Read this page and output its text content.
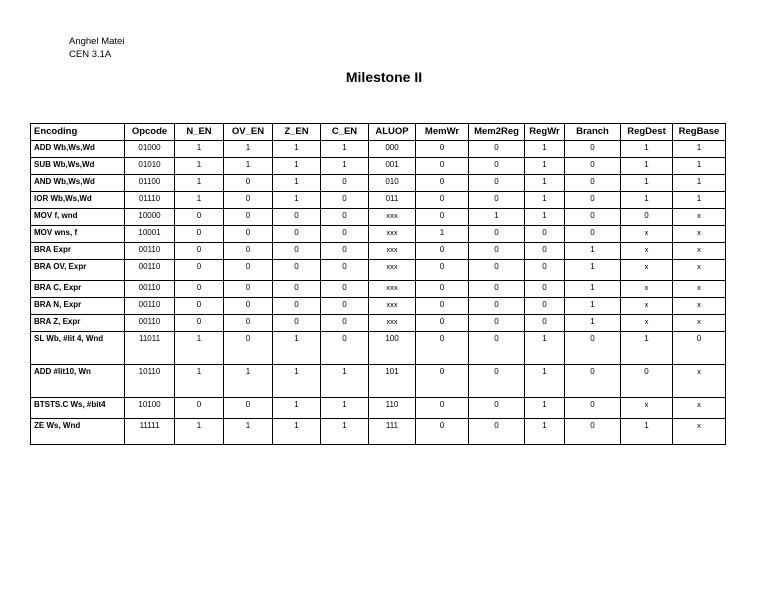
Anghel Matei
CEN 3.1A
Milestone II
Encoding	Opcode	N_EN	OV_EN	Z_EN	C_EN	ALUOP	MemWr	Mem2Reg	RegWr	Branch	RegDest	RegBase
ADD Wb,Ws,Wd	01000	1	1	1	1	000	0	0	1	0	1	1
SUB Wb,Ws,Wd	01010	1	1	1	1	001	0	0	1	0	1	1
AND Wb,Ws,Wd	01100	1	0	1	0	010	0	0	1	0	1	1
IOR Wb,Ws,Wd	01110	1	0	1	0	011	0	0	1	0	1	1
MOV f, wnd	10000	0	0	0	0	xxx	0	1	1	0	0	x
MOV wns, f	10001	0	0	0	0	xxx	1	0	0	0	x	x
BRA Expr	00110	0	0	0	0	xxx	0	0	0	1	x	x
BRA OV, Expr	00110	0	0	0	0	xxx	0	0	0	1	x	x
BRA C, Expr	00110	0	0	0	0	xxx	0	0	0	1	x	x
BRA N, Expr	00110	0	0	0	0	xxx	0	0	0	1	x	x
BRA Z, Expr	00110	0	0	0	0	xxx	0	0	0	1	x	x
SL Wb, #lit 4, Wnd	11011	1	0	1	0	100	0	0	1	0	1	0
ADD #lit10, Wn	10110	1	1	1	1	101	0	0	1	0	0	x
BTSTS.C Ws, #bit4	10100	0	0	1	1	110	0	0	1	0	x	x
ZE Ws, Wnd	11111	1	1	1	1	111	0	0	1	0	1	x
